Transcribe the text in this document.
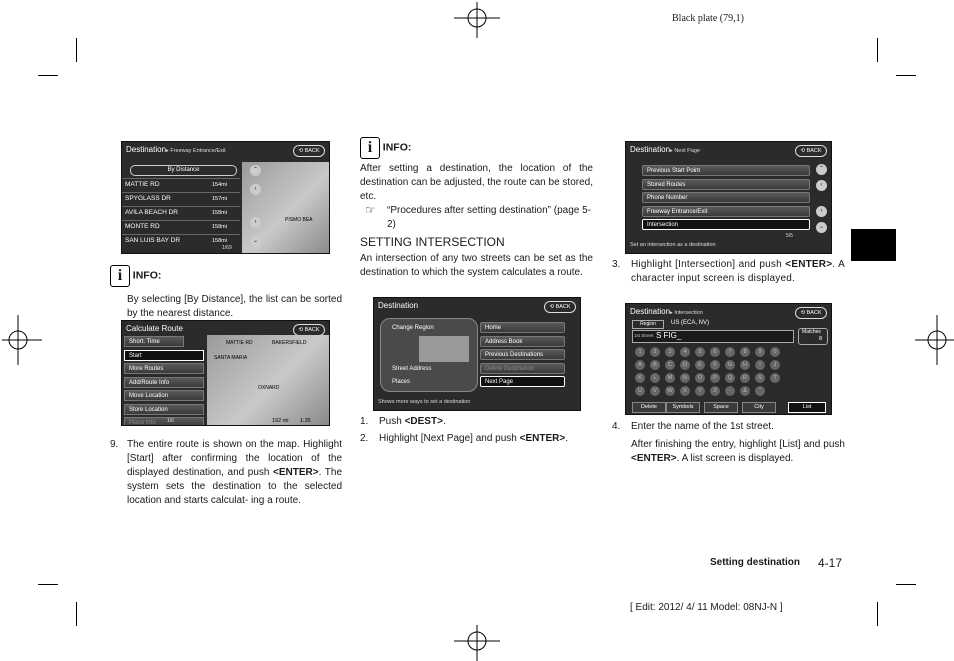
Black plate (79,1)
Destination▸ Freeway Entrance/Exit	⟲ BACK
PISMO BEA
By Distance
MATTIE RD	154mi
SPYGLASS DR	157mi
AVILA BEACH DR	158mi
MONTE RD	158mi
SAN LUIS BAY DR	158mi
1/69
⌃
‹
›
⌄
i INFO:
By selecting [By Distance], the list can be sorted by the nearest distance.
Calculate Route	⟲ BACK
MATTIE RD	BAKERSFIELD
SANTA MARIA
OXNARD
Short. Time
Start
More Routes
Add/Route Info
Move Location
Store Location
Place Info	1/6	192 mi 1:35
9. The entire route is shown on the map. Highlight [Start] after confirming the location of the displayed destination, and push <ENTER>. The system sets the destination to the selected location and starts calculat- ing a route.
i INFO:
After setting a destination, the location of the destination can be adjusted, the route can be stored, etc.
☞ “Procedures after setting destination” (page 5-2)
SETTING INTERSECTION
An intersection of any two streets can be set as the destination to which the system calculates a route.
Destination	⟲ BACK
Change Region
Street Address
Places
Home
Address Book
Previous Destinations
Delete Destination
Next Page
Shows more ways to set a destination
1. Push <DEST>.
2. Highlight [Next Page] and push <ENTER>.
Destination▸ Next Page	⟲ BACK
Previous Start Point
Stored Routes
Phone Number
Freeway Entrance/Exit
Intersection
5/5
⌃
‹
›
⌄
Set an intersection as a destination
3. Highlight [Intersection] and push <ENTER>. A character input screen is displayed.
Destination▸ Intersection	⟲ BACK
Region	US (ECA, NV)
1st Street S FIG_	Matches
8
1	2	3	4	5	6	7	8	9	0
A	B	C	D	E	F	G	H	I	J
K	L	M	N	O	P	Q	R	S	T
U	V	W	X	Y	Z	-	&	'
Delete	Symbols	Space	City	List
4. Enter the name of the 1st street.
After finishing the entry, highlight [List] and push <ENTER>. A list screen is displayed.
Setting destination 4-17
[ Edit: 2012/ 4/ 11 Model: 08NJ-N ]
